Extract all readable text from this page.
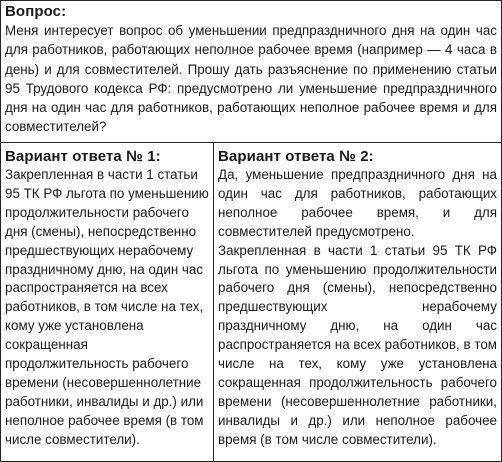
Вопрос:

Меня интересует вопрос об уменьшении предпраздничного дня на один час для работников, работающих неполное рабочее время (например — 4 часа в день) и для совместителей. Прошу дать разъяснение по применению статьи 95 Трудового кодекса РФ: предусмотрено ли уменьшение предпраздничного дня на один час для работников, работающих неполное рабочее время и для совместителей?

Вариант ответа № 1:

Закрепленная в части 1 статьи 95 ТК РФ льгота по уменьшению продолжительности рабочего дня (смены), непосредственно предшествующих нерабочему праздничному дню, на один час распространяется на всех работников, в том числе на тех, кому уже установлена сокращенная продолжительность рабочего времени (несовершеннолетние работники, инвалиды и др.) или неполное рабочее время (в том числе совместители).

Вариант ответа № 2:

Да, уменьшение предпраздничного дня на один час для работников, работающих неполное рабочее время, и для совместителей предусмотрено.

Закрепленная в части 1 статьи 95 ТК РФ льгота по уменьшению продолжительности рабочего дня (смены), непосредственно предшествующих нерабочему праздничному дню, на один час распространяется на всех работников, в том числе на тех, кому уже установлена сокращенная продолжительность рабочего времени (несовершеннолетние работники, инвалиды и др.) или неполное рабочее время (в том числе совместители).
